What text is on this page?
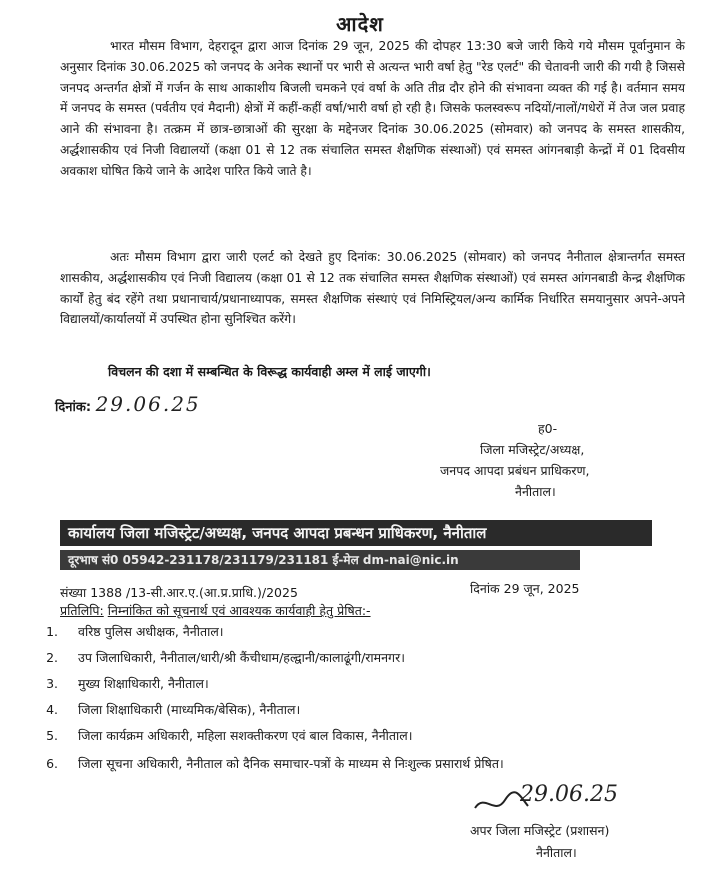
आदेश

भारत मौसम विभाग, देहरादून द्वारा आज दिनांक 29 जून, 2025 की दोपहर 13:30 बजे जारी किये गये मौसम पूर्वानुमान के अनुसार दिनांक 30.06.2025 को जनपद के अनेक स्थानों पर भारी से अत्यन्त भारी वर्षा हेतु "रेड एलर्ट" की चेतावनी जारी की गयी है जिससे जनपद अन्तर्गत क्षेत्रों में गर्जन के साथ आकाशीय बिजली चमकने एवं वर्षा के अति तीव्र दौर होने की संभावना व्यक्त की गई है। वर्तमान समय में जनपद के समस्त (पर्वतीय एवं मैदानी) क्षेत्रों में कहीं-कहीं वर्षा/भारी वर्षा हो रही है। जिसके फलस्वरूप नदियों/नालों/गधेरों में तेज जल प्रवाह आने की संभावना है। तत्क्रम में छात्र-छात्राओं की सुरक्षा के मद्देनजर दिनांक 30.06.2025 (सोमवार) को जनपद के समस्त शासकीय, अर्द्धशासकीय एवं निजी विद्यालयों (कक्षा 01 से 12 तक संचालित समस्त शैक्षणिक संस्थाओं) एवं समस्त आंगनबाड़ी केन्द्रों में 01 दिवसीय अवकाश घोषित किये जाने के आदेश पारित किये जाते है।

अतः मौसम विभाग द्वारा जारी एलर्ट को देखते हुए दिनांक: 30.06.2025 (सोमवार) को जनपद नैनीताल क्षेत्रान्तर्गत समस्त शासकीय, अर्द्धशासकीय एवं निजी विद्यालय (कक्षा 01 से 12 तक संचालित समस्त शैक्षणिक संस्थाओं) एवं समस्त आंगनबाडी केन्द्र शैक्षणिक कार्यों हेतु बंद रहेंगे तथा प्रधानाचार्य/प्रधानाध्यापक, समस्त शैक्षणिक संस्थाएं एवं निमिस्ट्रियल/अन्य कार्मिक निर्धारित समयानुसार अपने-अपने विद्यालयों/कार्यालयों में उपस्थित होना सुनिश्चित करेंगे।

विचलन की दशा में सम्बन्धित के विरूद्ध कार्यवाही अम्ल में लाई जाएगी।

दिनांक: 29.06.25
ह0-
जिला मजिस्ट्रेट/अध्यक्ष,
जनपद आपदा प्रबंधन प्राधिकरण,
नैनीताल।
कार्यालय जिला मजिस्ट्रेट/अध्यक्ष, जनपद आपदा प्रबन्धन प्राधिकरण, नैनीताल
दूरभाष सं0 05942-231178/231179/231181 ई-मेल dm-nai@nic.in
संख्या 1388 /13-सी.आर.ए.(आ.प्र.प्राधि.)/2025	दिनांक 29 जून, 2025
प्रतिलिपि: निम्नांकित को सूचनार्थ एवं आवश्यक कार्यवाही हेतु प्रेषित:-
1. वरिष्ठ पुलिस अधीक्षक, नैनीताल।
2. उप जिलाधिकारी, नैनीताल/धारी/श्री कैंचीधाम/हल्द्वानी/कालाढूंगी/रामनगर।
3. मुख्य शिक्षाधिकारी, नैनीताल।
4. जिला शिक्षाधिकारी (माध्यमिक/बेसिक), नैनीताल।
5. जिला कार्यक्रम अधिकारी, महिला सशक्तीकरण एवं बाल विकास, नैनीताल।
6. जिला सूचना अधिकारी, नैनीताल को दैनिक समाचार-पत्रों के माध्यम से निःशुल्क प्रसारार्थ प्रेषित।
29.06.25
अपर जिला मजिस्ट्रेट (प्रशासन)
नैनीताल।
